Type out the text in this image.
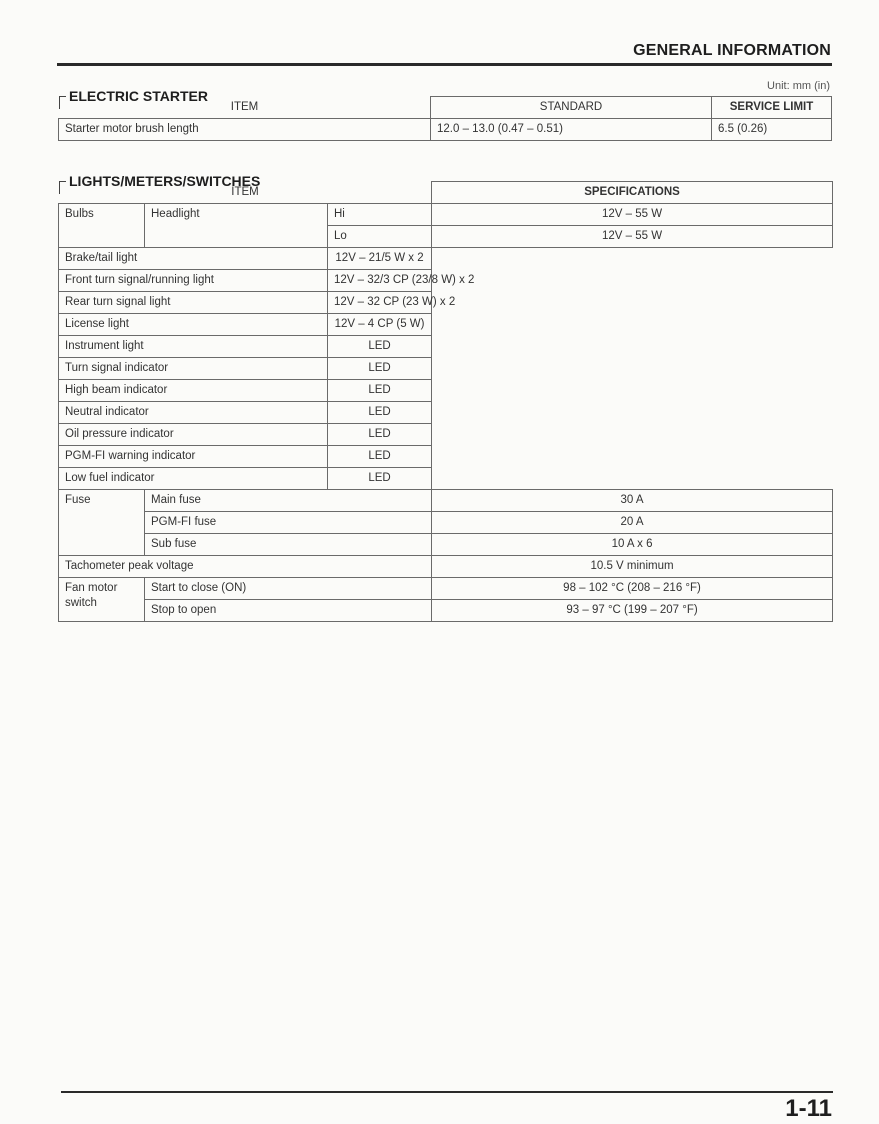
GENERAL INFORMATION
Unit: mm (in)
ELECTRIC STARTER
ITEM	STANDARD	SERVICE LIMIT
Starter motor brush length	12.0 – 13.0 (0.47 – 0.51)	6.5 (0.26)
LIGHTS/METERS/SWITCHES
ITEM			SPECIFICATIONS
Bulbs	Headlight	Hi	12V – 55 W
		Lo	12V – 55 W
Brake/tail light		12V – 21/5 W x 2	
Front turn signal/running light		12V – 32/3 CP (23/8 W) x 2	
Rear turn signal light		12V – 32 CP (23 W) x 2	
License light		12V – 4 CP (5 W)	
Instrument light		LED	
Turn signal indicator		LED	
High beam indicator		LED	
Neutral indicator		LED	
Oil pressure indicator		LED	
PGM-FI warning indicator		LED	
Low fuel indicator		LED	
Fuse	Main fuse		30 A
	PGM-FI fuse		20 A
	Sub fuse		10 A x 6
Tachometer peak voltage			10.5 V minimum
Fan motor switch	Start to close (ON)		98 – 102 °C (208 – 216 °F)
	Stop to open		93 – 97 °C (199 – 207 °F)
1-11
